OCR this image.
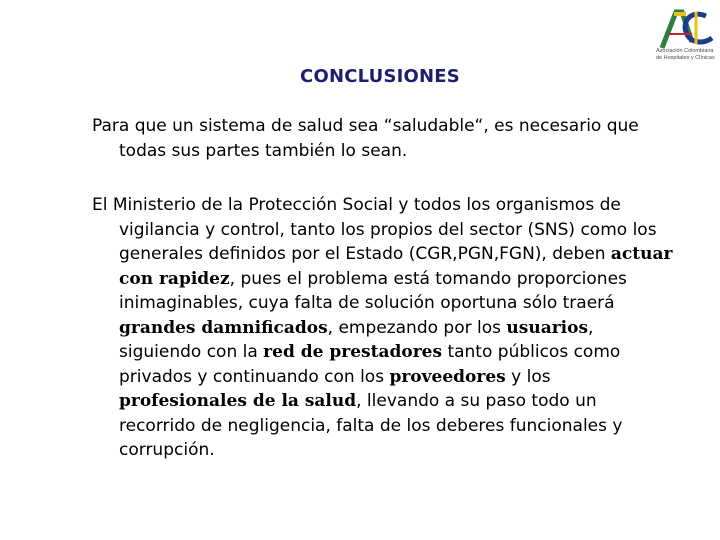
Asociación Colombiana
de Hospitales y Clínicas
CONCLUSIONES
Para que un sistema de salud sea “saludable“, es necesario que todas sus partes también lo sean.
El Ministerio de la Protección Social y todos los organismos de vigilancia y control, tanto los propios del sector (SNS) como los generales definidos por el Estado (CGR,PGN,FGN), deben actuar con rapidez, pues el problema está tomando proporciones inimaginables, cuya falta de solución oportuna sólo traerá grandes damnificados, empezando por los usuarios, siguiendo con la red de prestadores tanto públicos como privados y continuando con los proveedores y los profesionales de la salud, llevando a su paso todo un recorrido de negligencia, falta de los deberes funcionales y corrupción.
